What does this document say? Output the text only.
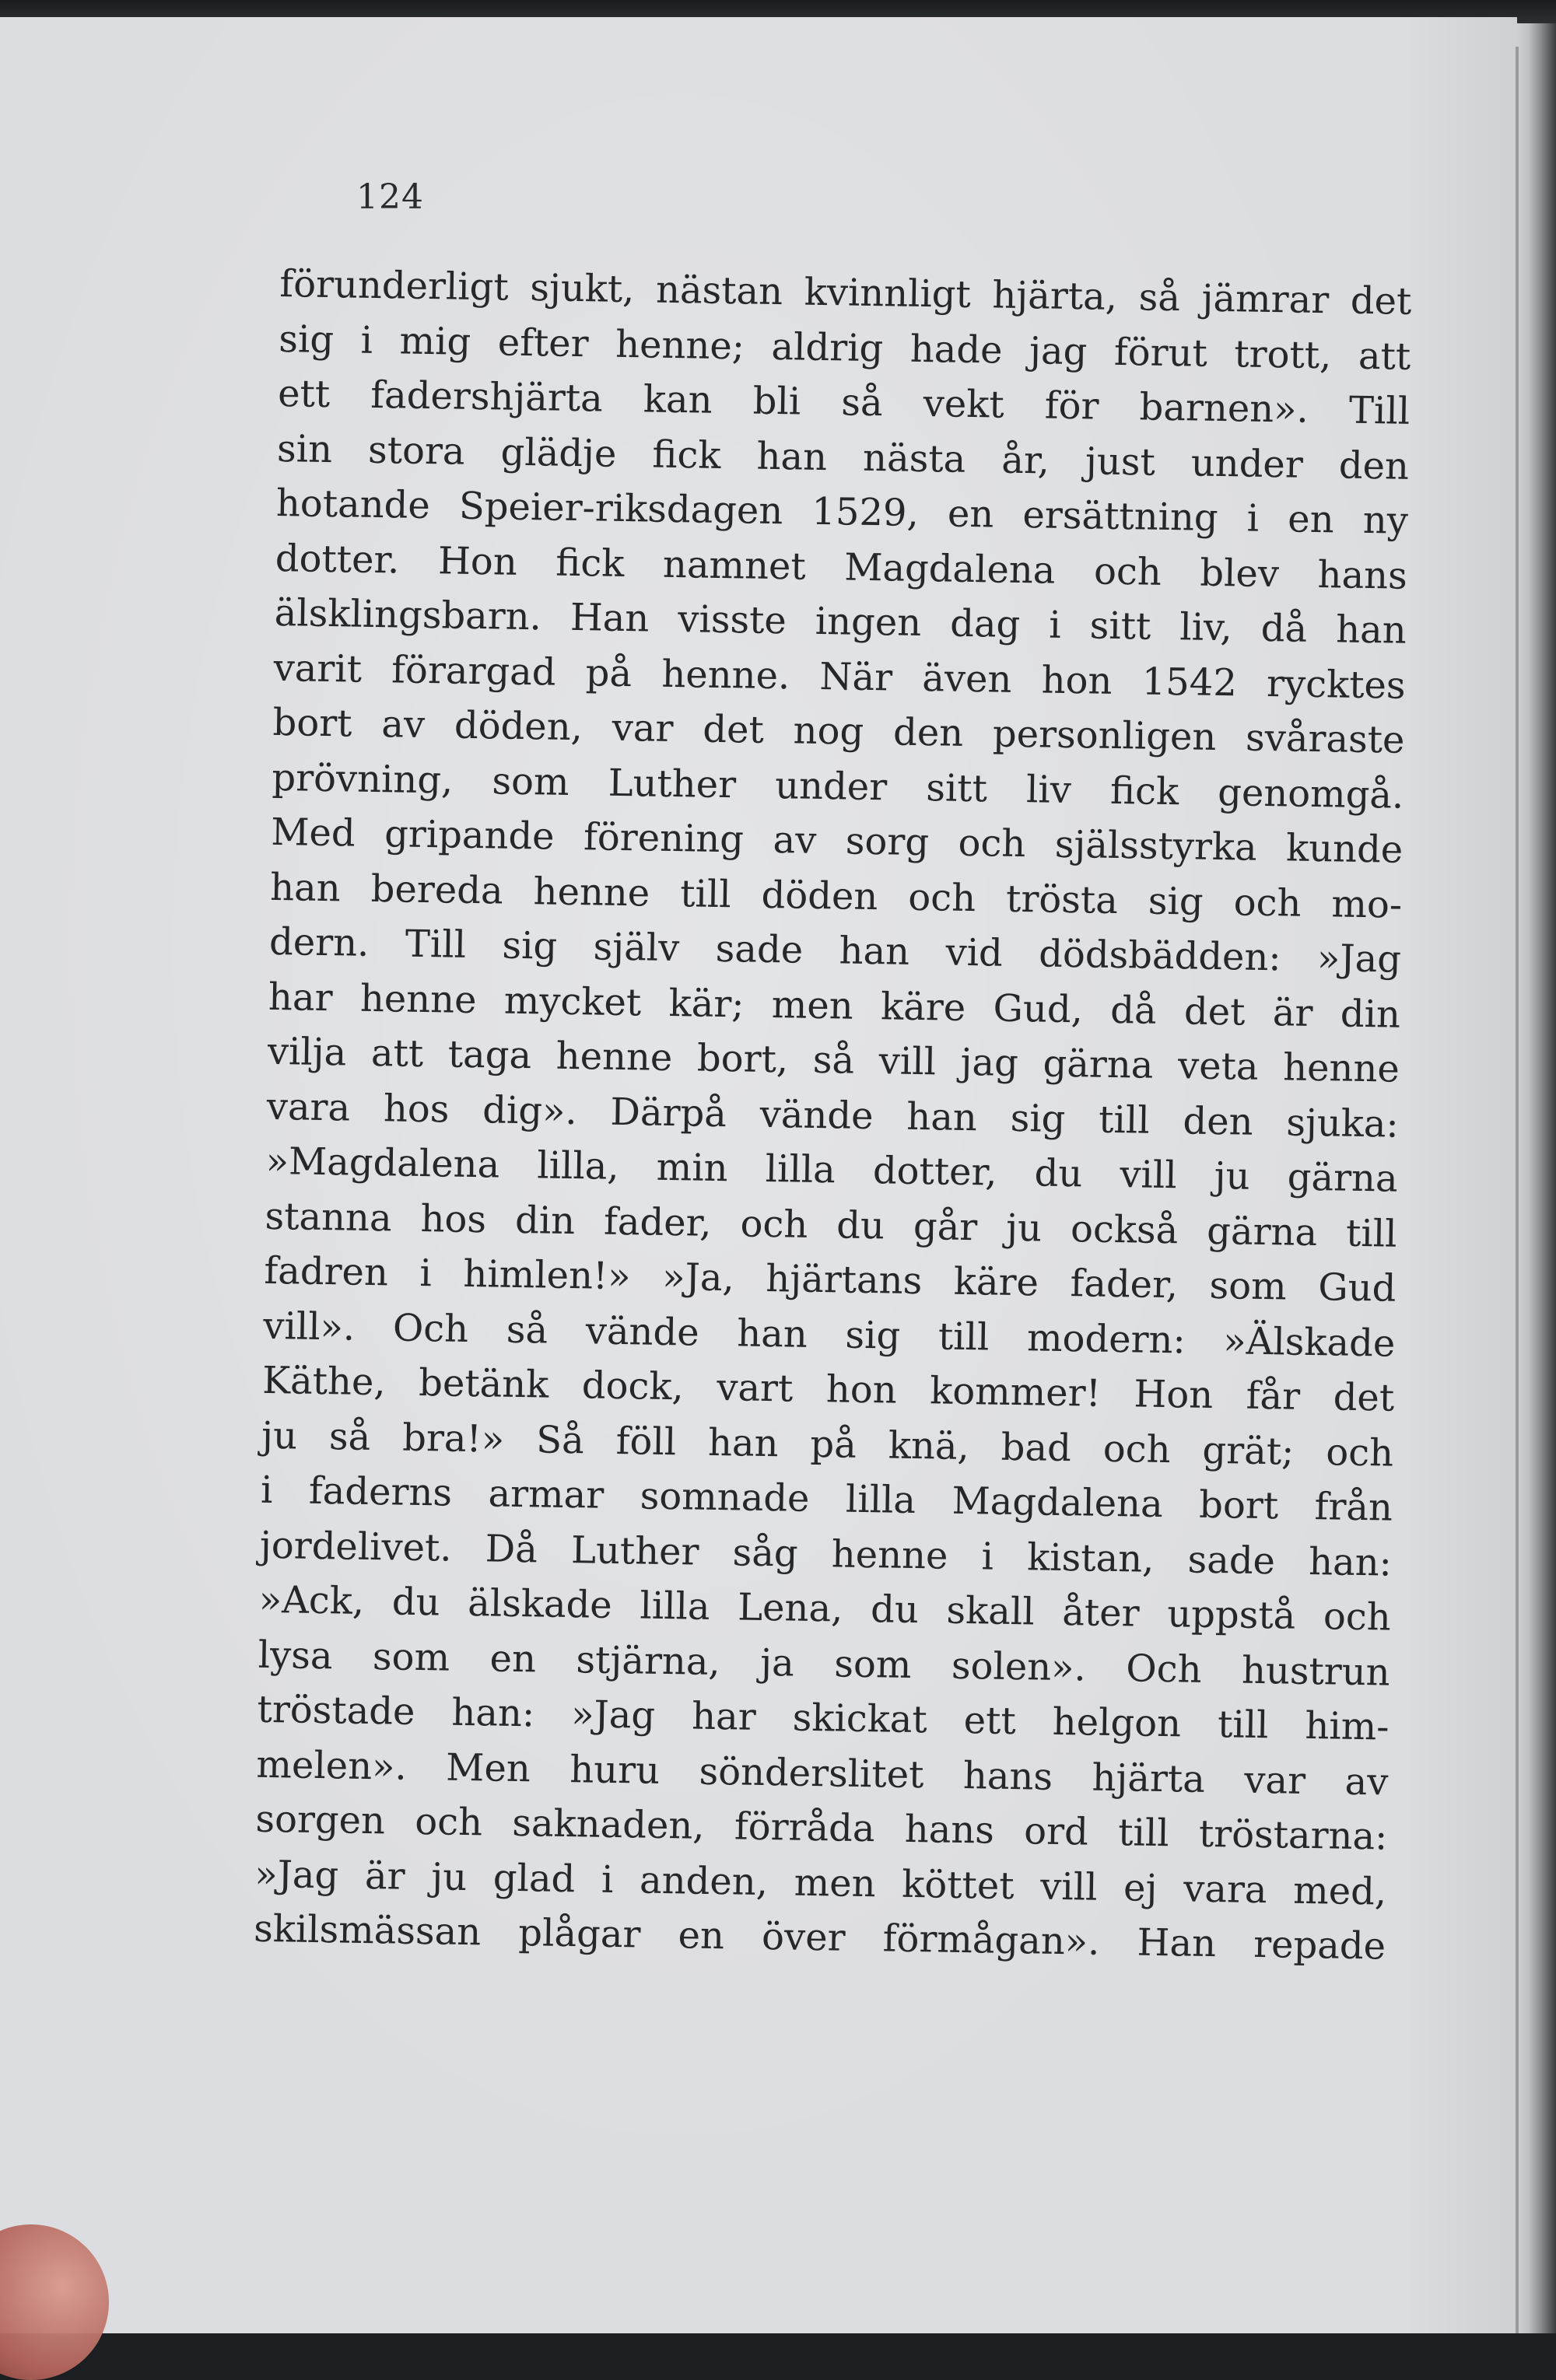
124
förunderligt sjukt, nästan kvinnligt hjärta, så jämrar det
sig i mig efter henne; aldrig hade jag förut trott, att
ett fadershjärta kan bli så vekt för barnen». Till
sin stora glädje fick han nästa år, just under den
hotande Speier-riksdagen 1529, en ersättning i en ny
dotter. Hon fick namnet Magdalena och blev hans
älsklingsbarn. Han visste ingen dag i sitt liv, då han
varit förargad på henne. När även hon 1542 rycktes
bort av döden, var det nog den personligen svåraste
prövning, som Luther under sitt liv fick genomgå.
Med gripande förening av sorg och själsstyrka kunde
han bereda henne till döden och trösta sig och mo-
dern. Till sig själv sade han vid dödsbädden: »Jag
har henne mycket kär; men käre Gud, då det är din
vilja att taga henne bort, så vill jag gärna veta henne
vara hos dig». Därpå vände han sig till den sjuka:
»Magdalena lilla, min lilla dotter, du vill ju gärna
stanna hos din fader, och du går ju också gärna till
fadren i himlen!» »Ja, hjärtans käre fader, som Gud
vill». Och så vände han sig till modern: »Älskade
Käthe, betänk dock, vart hon kommer! Hon får det
ju så bra!» Så föll han på knä, bad och grät; och
i faderns armar somnade lilla Magdalena bort från
jordelivet. Då Luther såg henne i kistan, sade han:
»Ack, du älskade lilla Lena, du skall åter uppstå och
lysa som en stjärna, ja som solen». Och hustrun
tröstade han: »Jag har skickat ett helgon till him-
melen». Men huru sönderslitet hans hjärta var av
sorgen och saknaden, förråda hans ord till tröstarna:
»Jag är ju glad i anden, men köttet vill ej vara med,
skilsmässan plågar en över förmågan». Han repade
